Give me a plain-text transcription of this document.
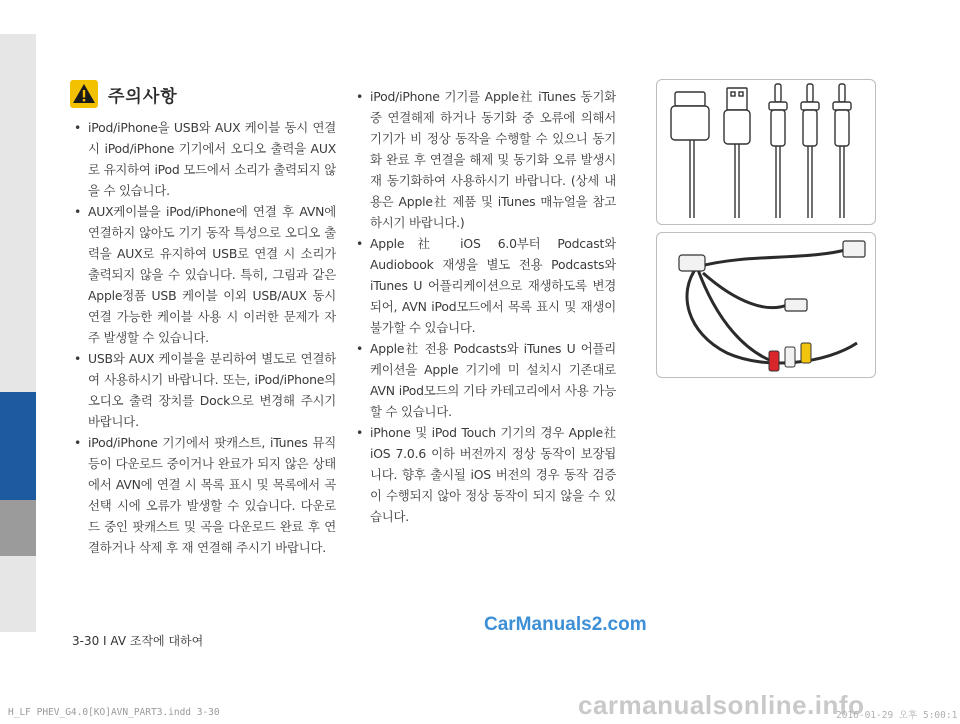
주의사항

• iPod/iPhone을 USB와 AUX 케이블 동시 연결 시 iPod/iPhone 기기에서 오디오 출력을 AUX로 유지하여 iPod 모드에서 소리가 출력되지 않을 수 있습니다.

• AUX케이블을 iPod/iPhone에 연결 후 AVN에 연결하지 않아도 기기 동작 특성으로 오디오 출력을 AUX로 유지하여 USB로 연결 시 소리가 출력되지 않을 수 있습니다. 특히, 그림과 같은 Apple정품 USB 케이블 이외 USB/AUX 동시 연결 가능한 케이블 사용 시 이러한 문제가 자주 발생할 수 있습니다.

• USB와 AUX 케이블을 분리하여 별도로 연결하여 사용하시기 바랍니다. 또는, iPod/iPhone의 오디오 출력 장치를 Dock으로 변경해 주시기 바랍니다.

• iPod/iPhone 기기에서 팟캐스트, iTunes 뮤직등이 다운로드 중이거나 완료가 되지 않은 상태에서 AVN에 연결 시 목록 표시 및 목록에서 곡 선택 시에 오류가 발생할 수 있습니다. 다운로드 중인 팟캐스트 및 곡을 다운로드 완료 후 연결하거나 삭제 후 재 연결해 주시기 바랍니다.

• iPod/iPhone 기기를 Apple社 iTunes 동기화 중 연결해제 하거나 동기화 중 오류에 의해서 기기가 비 정상 동작을 수행할 수 있으니 동기화 완료 후 연결을 해제 및 동기화 오류 발생시 재 동기화하여 사용하시기 바랍니다. (상세 내용은 Apple社 제품 및 iTunes 매뉴얼을 참고하시기 바랍니다.)

• Apple社 iOS 6.0부터 Podcast와 Audiobook 재생을 별도 전용 Podcasts와 iTunes U 어플리케이션으로 재생하도록 변경되어, AVN iPod모드에서 목록 표시 및 재생이 불가할 수 있습니다.

• Apple社 전용 Podcasts와 iTunes U 어플리케이션을 Apple 기기에 미 설치시 기존대로 AVN iPod모드의 기타 카테고리에서 사용 가능할 수 있습니다.

• iPhone 및 iPod Touch 기기의 경우 Apple社 iOS 7.0.6 이하 버전까지 정상 동작이 보장됩니다. 향후 출시될 iOS 버전의 경우 동작 검증이 수행되지 않아 정상 동작이 되지 않을 수 있습니다.

3-30 I AV 조작에 대하여
CarManuals2.com
carmanualsonline.info
H_LF PHEV_G4.0[KO]AVN_PART3.indd 3-30	2016-01-29 오후 5:00:1
